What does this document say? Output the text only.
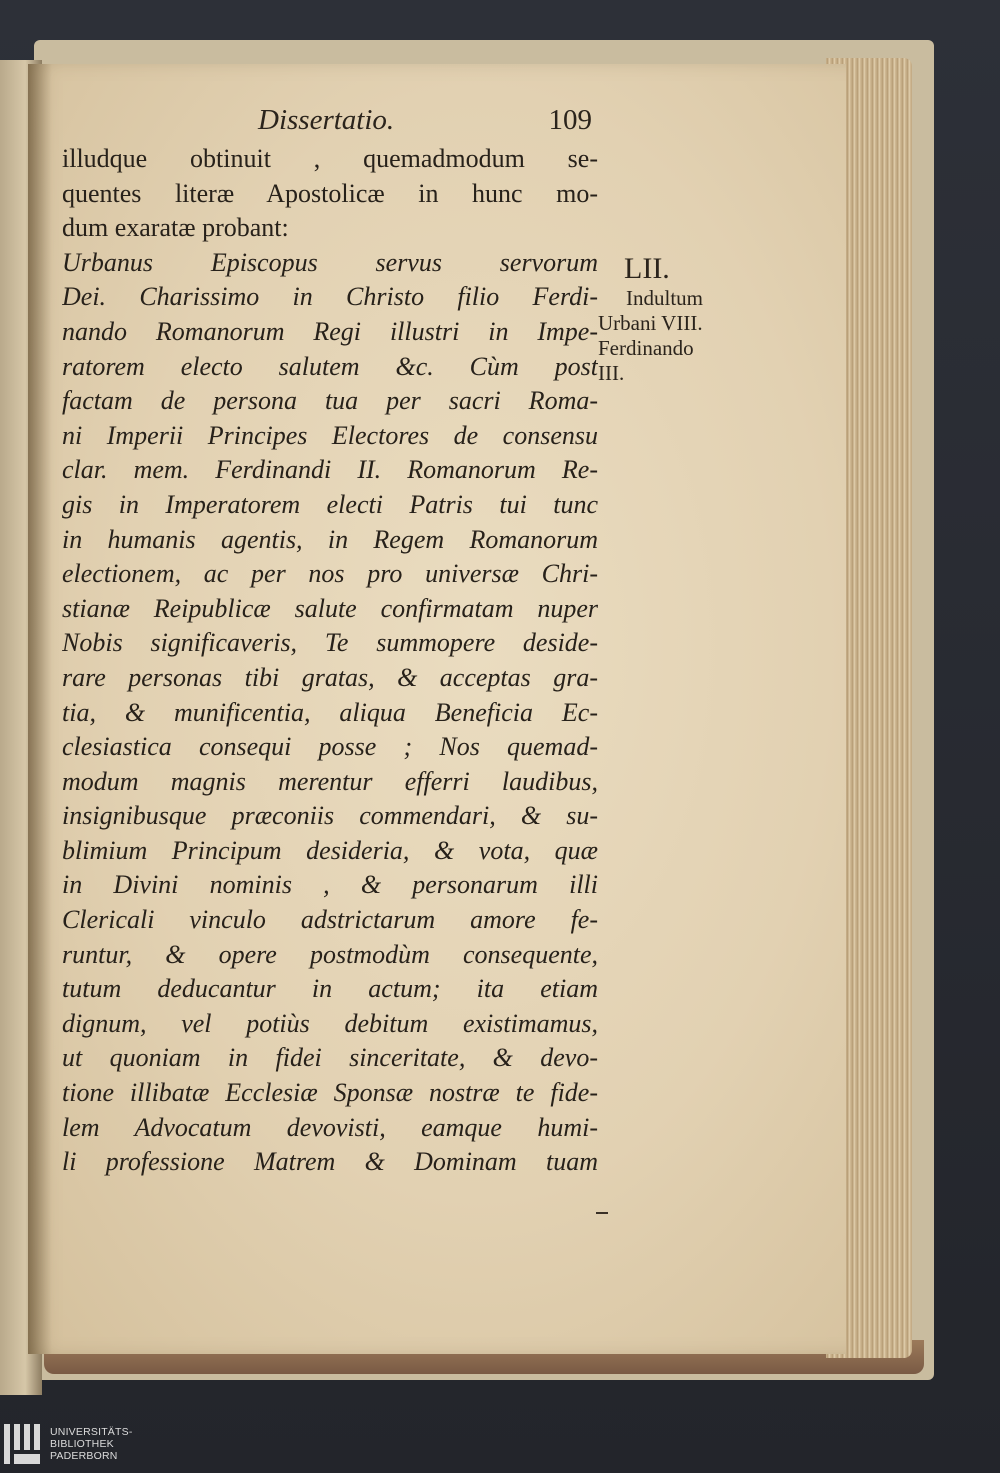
Dissertatio.	109
illudque obtinuit , quemadmodum se-
quentes literæ Apostolicæ in hunc mo-
dum exaratæ probant:
Urbanus Episcopus servus servorum
Dei. Charissimo in Christo filio Ferdi-
nando Romanorum Regi illustri in Impe-
ratorem electo salutem &c. Cùm post
factam de persona tua per sacri Roma-
ni Imperii Principes Electores de consensu
clar. mem. Ferdinandi II. Romanorum Re-
gis in Imperatorem electi Patris tui tunc
in humanis agentis, in Regem Romanorum
electionem, ac per nos pro universæ Chri-
stianæ Reipublicæ salute confirmatam nuper
Nobis significaveris, Te summopere deside-
rare personas tibi gratas, & acceptas gra-
tia, & munificentia, aliqua Beneficia Ec-
clesiastica consequi posse ; Nos quemad-
modum magnis merentur efferri laudibus,
insignibusque præconiis commendari, & su-
blimium Principum desideria, & vota, quæ
in Divini nominis , & personarum illi
Clericali vinculo adstrictarum amore fe-
runtur, & opere postmodùm consequente,
tutum deducantur in actum; ita etiam
dignum, vel potiùs debitum existimamus,
ut quoniam in fidei sinceritate, & devo-
tione illibatæ Ecclesiæ Sponsæ nostræ te fide-
lem Advocatum devovisti, eamque humi-
li professione Matrem & Dominam tuam
LII.
Indultum
Urbani VIII.
Ferdinando
III.
UNIVERSITÄTS-
BIBLIOTHEK
PADERBORN
